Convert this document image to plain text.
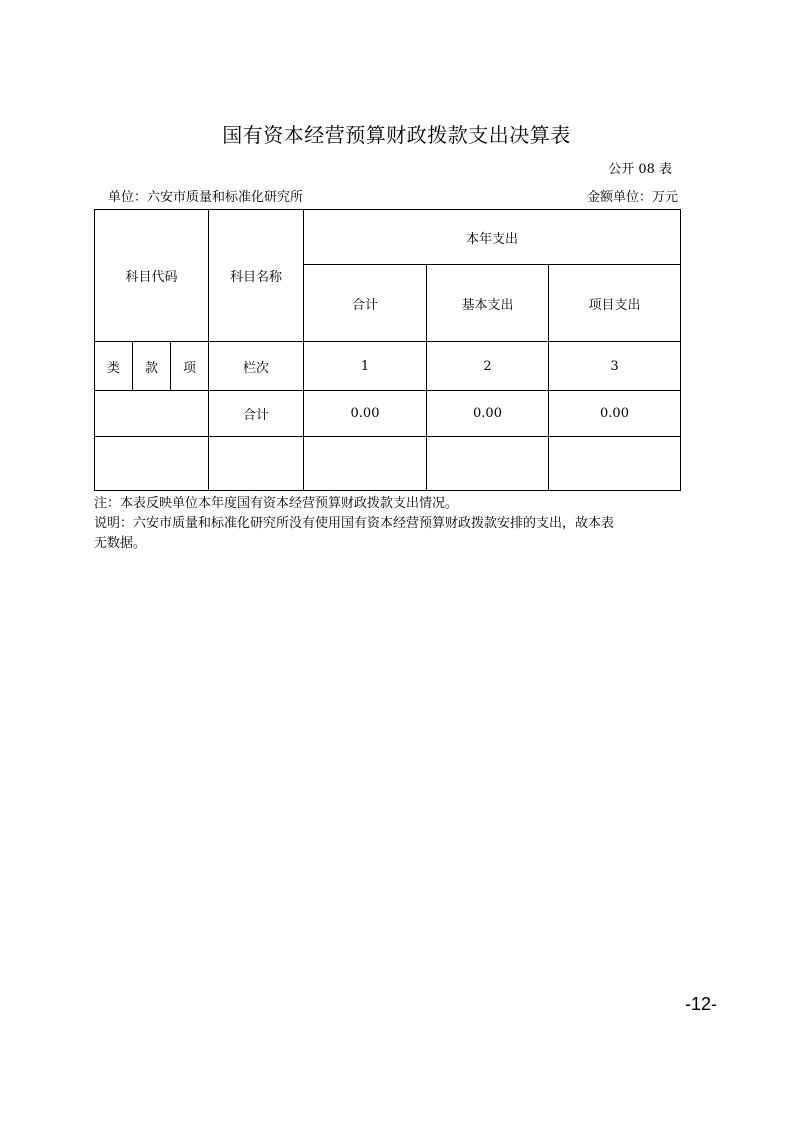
国有资本经营预算财政拨款支出决算表
公开 08 表
单位：六安市质量和标准化研究所	金额单位：万元
科目代码			科目名称	本年支出		
				合计	基本支出	项目支出
类	款	项	栏次	1	2	3
			合计	0.00	0.00	0.00

注：本表反映单位本年度国有资本经营预算财政拨款支出情况。
说明：六安市质量和标准化研究所没有使用国有资本经营预算财政拨款安排的支出，故本表
无数据。
-12-
